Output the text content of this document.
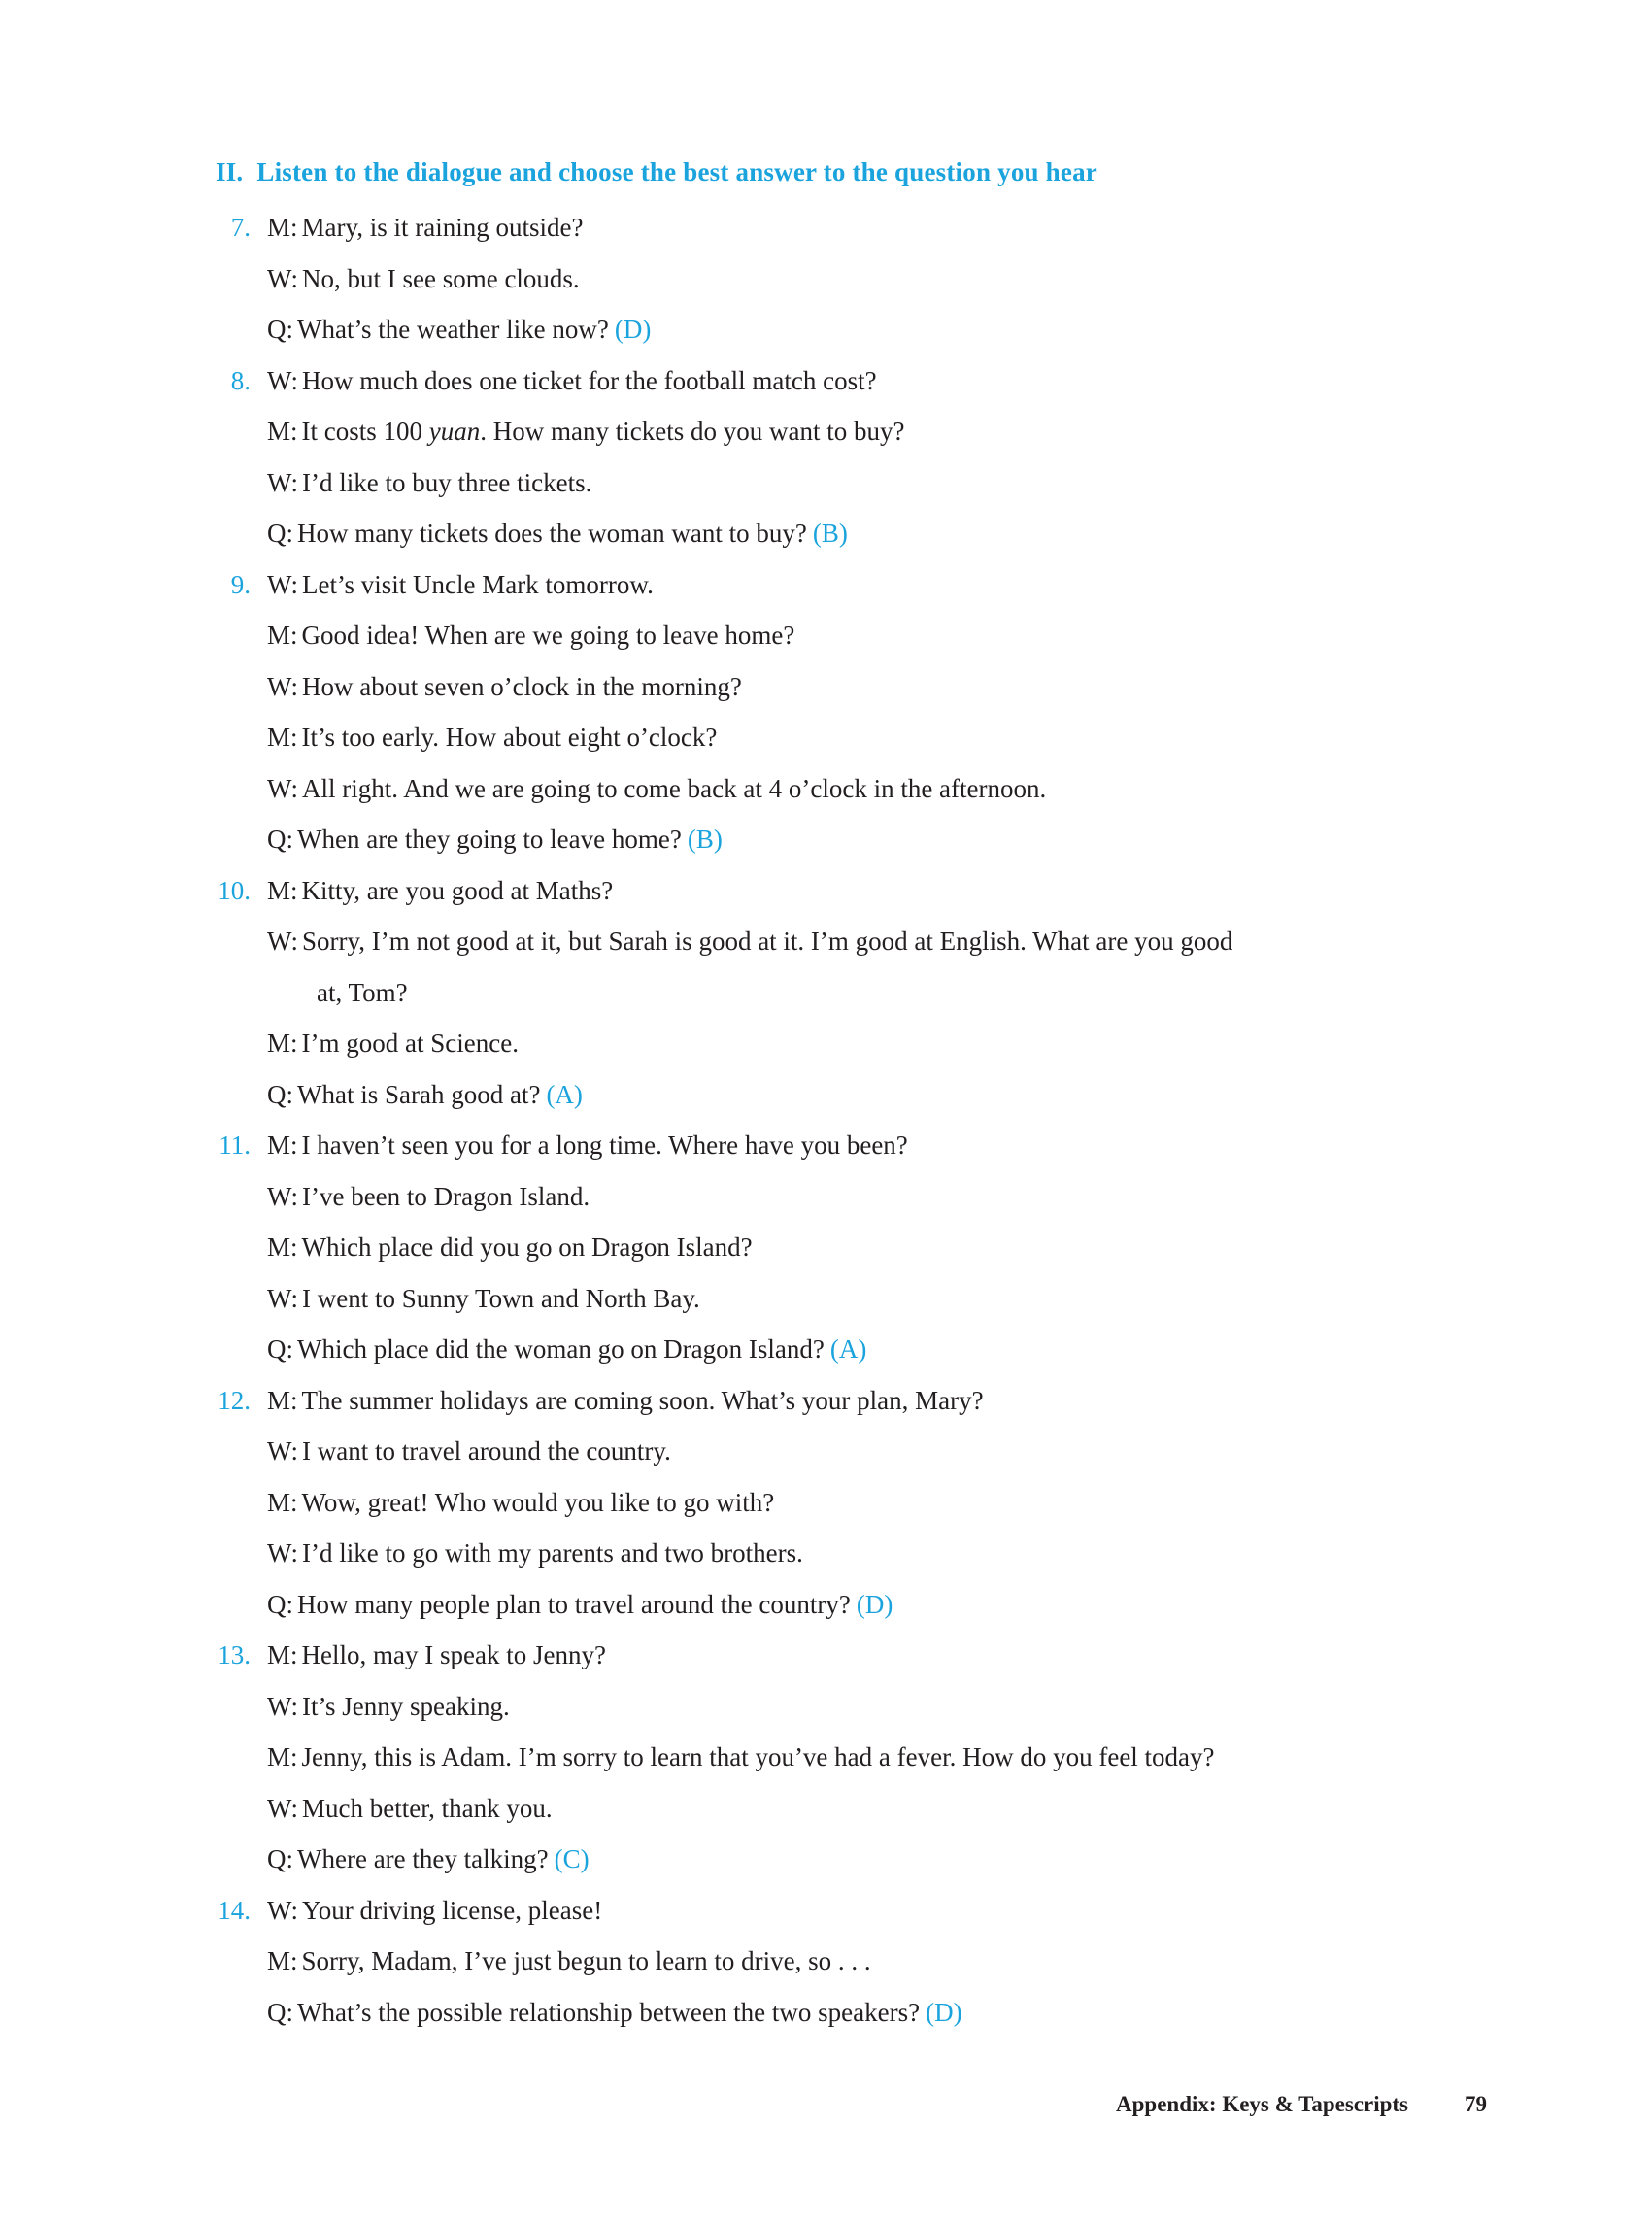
II. Listen to the dialogue and choose the best answer to the question you hear
7. M: Mary, is it raining outside?
W: No, but I see some clouds.
Q: What’s the weather like now? (D)
8. W: How much does one ticket for the football match cost?
M: It costs 100 yuan. How many tickets do you want to buy?
W: I’d like to buy three tickets.
Q: How many tickets does the woman want to buy? (B)
9. W: Let’s visit Uncle Mark tomorrow.
M: Good idea! When are we going to leave home?
W: How about seven o’clock in the morning?
M: It’s too early. How about eight o’clock?
W: All right. And we are going to come back at 4 o’clock in the afternoon.
Q: When are they going to leave home? (B)
10. M: Kitty, are you good at Maths?
W: Sorry, I’m not good at it, but Sarah is good at it. I’m good at English. What are you good
at, Tom?
M: I’m good at Science.
Q: What is Sarah good at? (A)
11. M: I haven’t seen you for a long time. Where have you been?
W: I’ve been to Dragon Island.
M: Which place did you go on Dragon Island?
W: I went to Sunny Town and North Bay.
Q: Which place did the woman go on Dragon Island? (A)
12. M: The summer holidays are coming soon. What’s your plan, Mary?
W: I want to travel around the country.
M: Wow, great! Who would you like to go with?
W: I’d like to go with my parents and two brothers.
Q: How many people plan to travel around the country? (D)
13. M: Hello, may I speak to Jenny?
W: It’s Jenny speaking.
M: Jenny, this is Adam. I’m sorry to learn that you’ve had a fever. How do you feel today?
W: Much better, thank you.
Q: Where are they talking? (C)
14. W: Your driving license, please!
M: Sorry, Madam, I’ve just begun to learn to drive, so . . .
Q: What’s the possible relationship between the two speakers? (D)
Appendix: Keys & Tapescripts	79
